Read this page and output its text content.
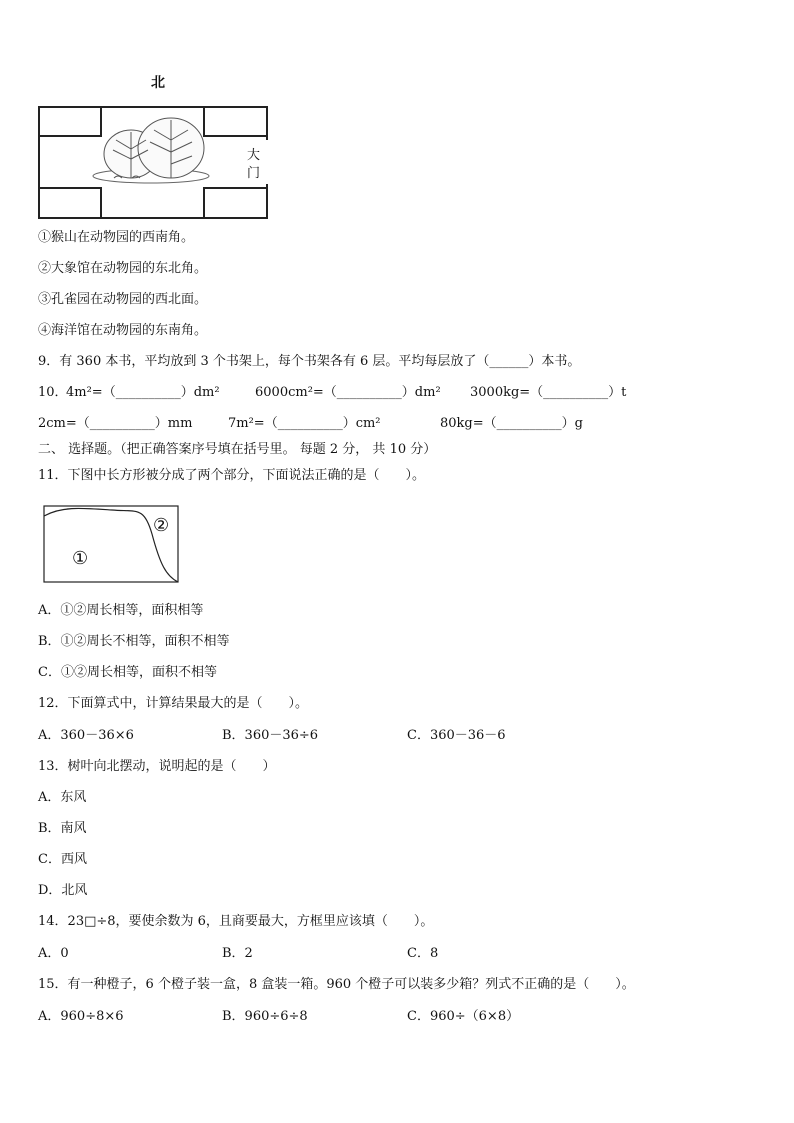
北
大
门
①猴山在动物园的西南角。
②大象馆在动物园的东北角。
③孔雀园在动物园的西北面。
④海洋馆在动物园的东南角。
9．有 360 本书，平均放到 3 个书架上，每个书架各有 6 层。平均每层放了（______）本书。
10．
4m²=（__________）dm²	6000cm²=（__________）dm² 3000kg=（__________）t
2cm=（__________）mm	7m²=（__________）cm²	80kg=（__________）g
二、 选择题。（把正确答案序号填在括号里。 每题 2 分， 共 10 分）
11．下图中长方形被分成了两个部分，下面说法正确的是（　　）。
①
②
A．①②周长相等，面积相等
B．①②周长不相等，面积不相等
C．①②周长相等，面积不相等
12．下面算式中，计算结果最大的是（　　）。
A．360－36×6	B．360－36÷6	C．360－36－6
13．树叶向北摆动，说明起的是（　　）
A．东风
B．南风
C．西风
D．北风
14．23□÷8，要使余数为 6，且商要最大，方框里应该填（　　）。
A．0	B．2	C．8
15．有一种橙子，6 个橙子装一盒，8 盒装一箱。960 个橙子可以装多少箱？列式不正确的是（　　）。
A．960÷8×6	B．960÷6÷8	C．960÷（6×8）
